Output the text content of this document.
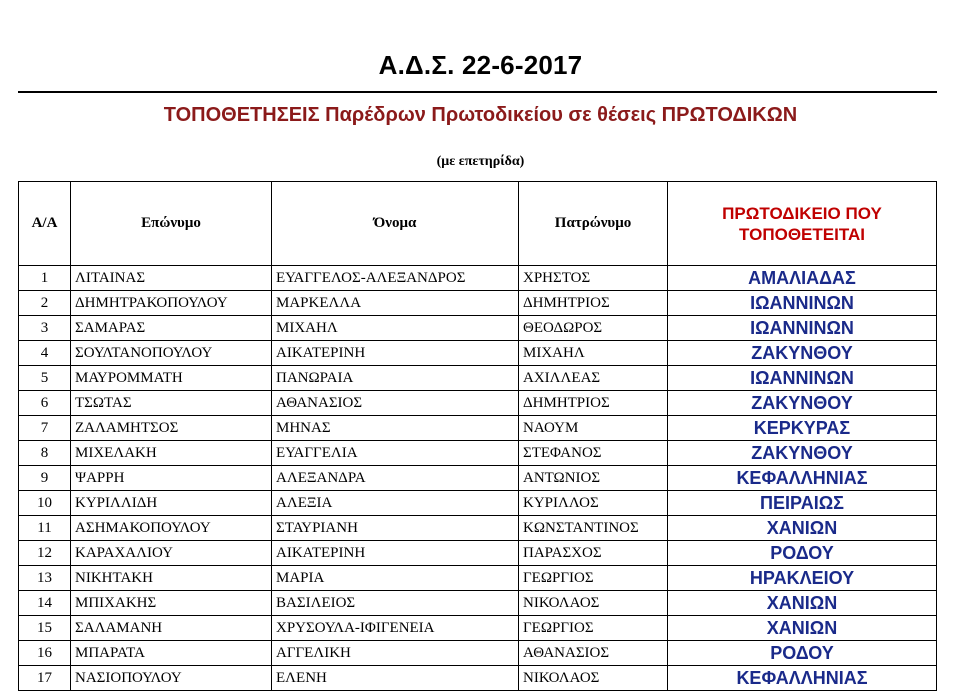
Α.Δ.Σ. 22-6-2017
ΤΟΠΟΘΕΤΗΣΕΙΣ Παρέδρων Πρωτοδικείου σε θέσεις ΠΡΩΤΟΔΙΚΩΝ
(με επετηρίδα)
Α/Α	Επώνυμο	Όνομα	Πατρώνυμο	ΠΡΩΤΟΔΙΚΕΙΟ ΠΟΥ ΤΟΠΟΘΕΤΕΙΤΑΙ
1	ΛΙΤΑΙΝΑΣ	ΕΥΑΓΓΕΛΟΣ-ΑΛΕΞΑΝΔΡΟΣ	ΧΡΗΣΤΟΣ	ΑΜΑΛΙΑΔΑΣ
2	ΔΗΜΗΤΡΑΚΟΠΟΥΛΟΥ	ΜΑΡΚΕΛΛΑ	ΔΗΜΗΤΡΙΟΣ	ΙΩΑΝΝΙΝΩΝ
3	ΣΑΜΑΡΑΣ	ΜΙΧΑΗΛ	ΘΕΟΔΩΡΟΣ	ΙΩΑΝΝΙΝΩΝ
4	ΣΟΥΛΤΑΝΟΠΟΥΛΟΥ	ΑΙΚΑΤΕΡΙΝΗ	ΜΙΧΑΗΛ	ΖΑΚΥΝΘΟΥ
5	ΜΑΥΡΟΜΜΑΤΗ	ΠΑΝΩΡΑΙΑ	ΑΧΙΛΛΕΑΣ	ΙΩΑΝΝΙΝΩΝ
6	ΤΣΩΤΑΣ	ΑΘΑΝΑΣΙΟΣ	ΔΗΜΗΤΡΙΟΣ	ΖΑΚΥΝΘΟΥ
7	ΖΑΛΑΜΗΤΣΟΣ	ΜΗΝΑΣ	ΝΑΟΥΜ	ΚΕΡΚΥΡΑΣ
8	ΜΙΧΕΛΑΚΗ	ΕΥΑΓΓΕΛΙΑ	ΣΤΕΦΑΝΟΣ	ΖΑΚΥΝΘΟΥ
9	ΨΑΡΡΗ	ΑΛΕΞΑΝΔΡΑ	ΑΝΤΩΝΙΟΣ	ΚΕΦΑΛΛΗΝΙΑΣ
10	ΚΥΡΙΛΛΙΔΗ	ΑΛΕΞΙΑ	ΚΥΡΙΛΛΟΣ	ΠΕΙΡΑΙΩΣ
11	ΑΣΗΜΑΚΟΠΟΥΛΟΥ	ΣΤΑΥΡΙΑΝΗ	ΚΩΝΣΤΑΝΤΙΝΟΣ	ΧΑΝΙΩΝ
12	ΚΑΡΑΧΑΛΙΟΥ	ΑΙΚΑΤΕΡΙΝΗ	ΠΑΡΑΣΧΟΣ	ΡΟΔΟΥ
13	ΝΙΚΗΤΑΚΗ	ΜΑΡΙΑ	ΓΕΩΡΓΙΟΣ	ΗΡΑΚΛΕΙΟΥ
14	ΜΠΙΧΑΚΗΣ	ΒΑΣΙΛΕΙΟΣ	ΝΙΚΟΛΑΟΣ	ΧΑΝΙΩΝ
15	ΣΑΛΑΜΑΝΗ	ΧΡΥΣΟΥΛΑ-ΙΦΙΓΕΝΕΙΑ	ΓΕΩΡΓΙΟΣ	ΧΑΝΙΩΝ
16	ΜΠΑΡΑΤΑ	ΑΓΓΕΛΙΚΗ	ΑΘΑΝΑΣΙΟΣ	ΡΟΔΟΥ
17	ΝΑΣΙΟΠΟΥΛΟΥ	ΕΛΕΝΗ	ΝΙΚΟΛΑΟΣ	ΚΕΦΑΛΛΗΝΙΑΣ
